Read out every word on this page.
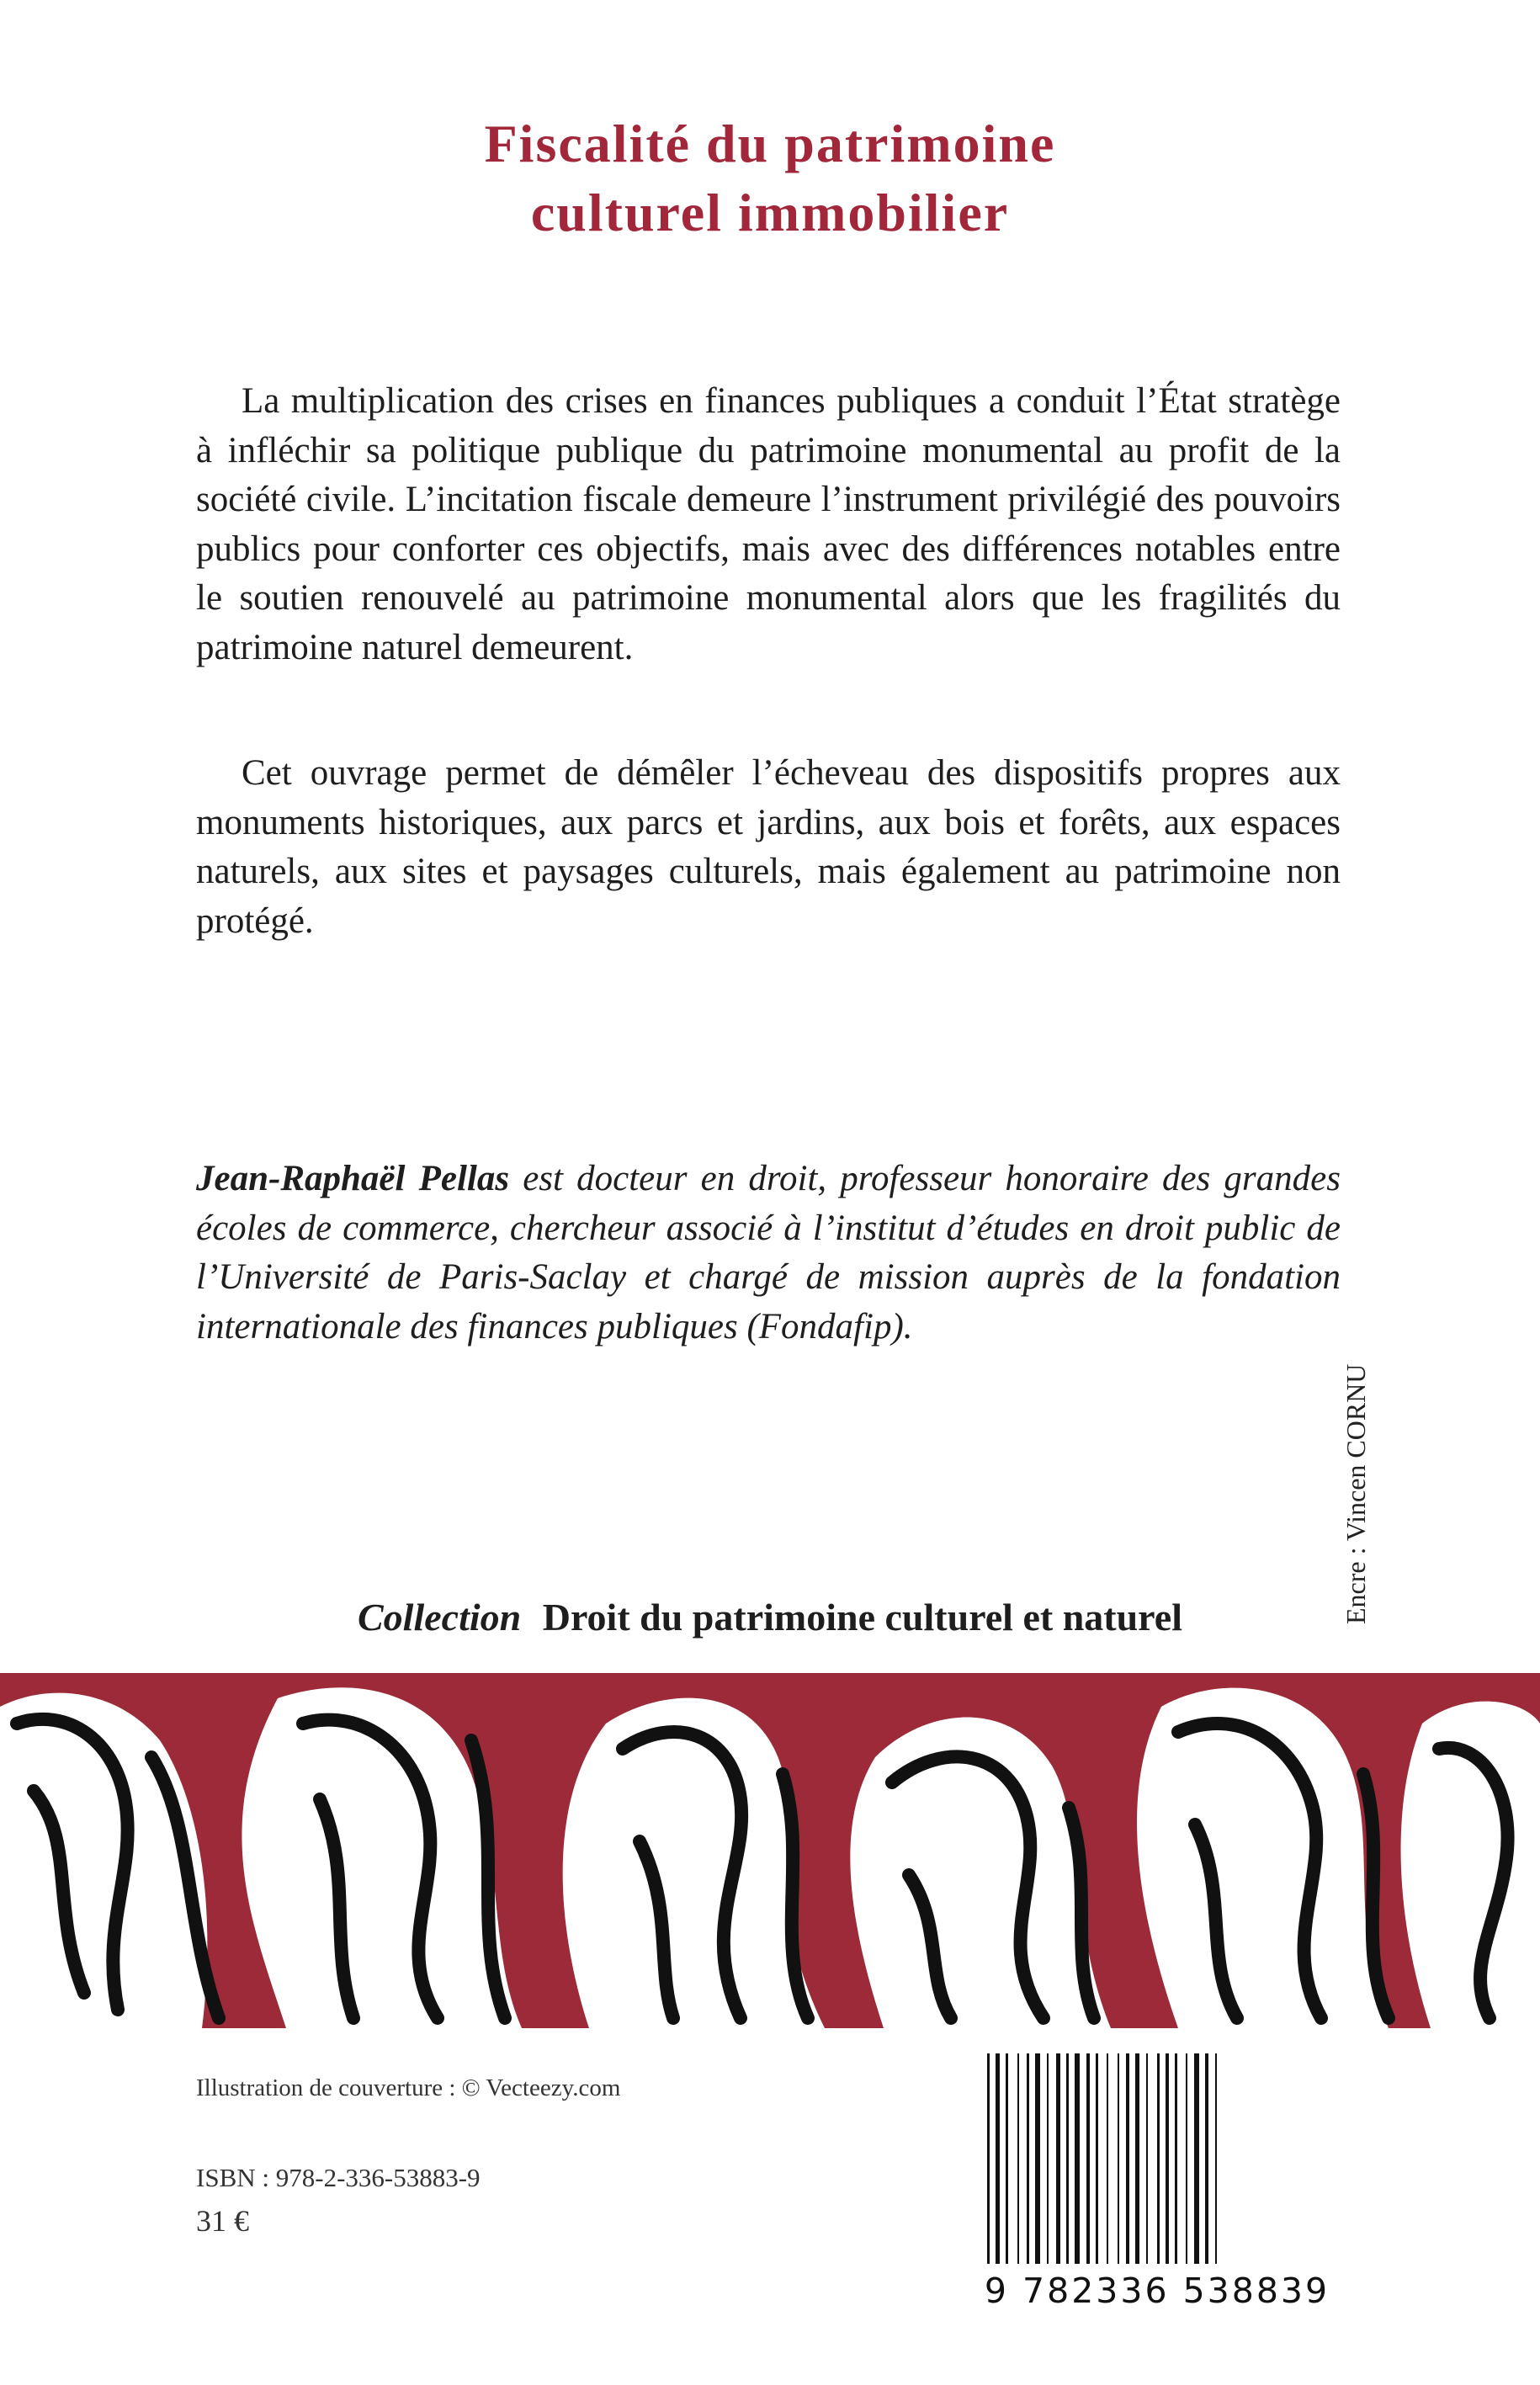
Fiscalité du patrimoine
culturel immobilier

La multiplication des crises en finances publiques a conduit l’État stratège à infléchir sa politique publique du patrimoine monumental au profit de la société civile. L’incitation fiscale demeure l’instrument privilégié des pouvoirs publics pour conforter ces objectifs, mais avec des différences notables entre le soutien renouvelé au patrimoine monumental alors que les fragilités du patrimoine naturel demeurent.

Cet ouvrage permet de démêler l’écheveau des dispositifs propres aux monuments historiques, aux parcs et jardins, aux bois et forêts, aux espaces naturels, aux sites et paysages culturels, mais également au patrimoine non protégé.

Jean-Raphaël Pellas est docteur en droit, professeur honoraire des grandes écoles de commerce, chercheur associé à l’institut d’études en droit public de l’Université de Paris-Saclay et chargé de mission auprès de la fondation internationale des finances publiques (Fondafip).

Encre : Vincen CORNU
Collection Droit du patrimoine culturel et naturel
Illustration de couverture : © Vecteezy.com
ISBN : 978-2-336-53883-9
31 €
9 782336 538839
